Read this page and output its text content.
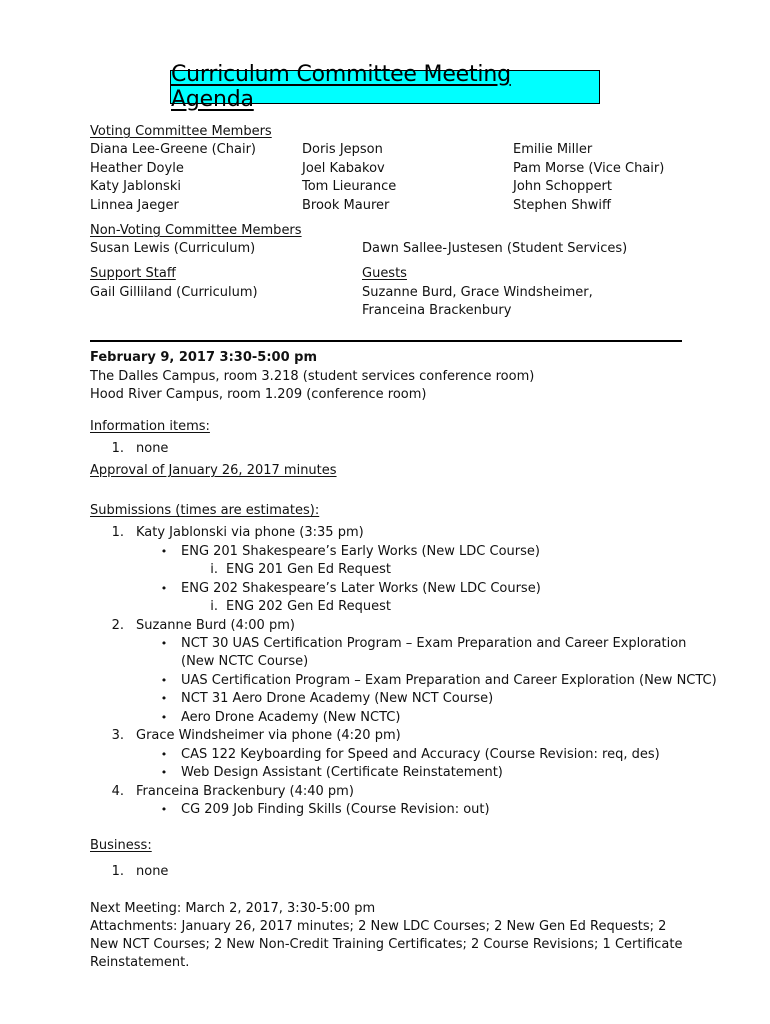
Curriculum Committee Meeting Agenda
Voting Committee Members
Diana Lee-Greene (Chair)
Heather Doyle
Katy Jablonski
Linnea Jaeger
Doris Jepson
Joel Kabakov
Tom Lieurance
Brook Maurer
Emilie Miller
Pam Morse (Vice Chair)
John Schoppert
Stephen Shwiff
Non-Voting Committee Members
Susan Lewis (Curriculum)	Dawn Sallee-Justesen (Student Services)
Support Staff
Gail Gilliland (Curriculum)
Guests
Suzanne Burd, Grace Windsheimer, Franceina Brackenbury
February 9, 2017 3:30-5:00 pm
The Dalles Campus, room 3.218 (student services conference room)
Hood River Campus, room 1.209 (conference room)
Information items:
1. none
Approval of January 26, 2017 minutes
Submissions (times are estimates):
1. Katy Jablonski via phone (3:35 pm)
• ENG 201 Shakespeare’s Early Works (New LDC Course)
i. ENG 201 Gen Ed Request
• ENG 202 Shakespeare’s Later Works (New LDC Course)
i. ENG 202 Gen Ed Request
2. Suzanne Burd (4:00 pm)
• NCT 30 UAS Certification Program – Exam Preparation and Career Exploration (New NCTC Course)
• UAS Certification Program – Exam Preparation and Career Exploration (New NCTC)
• NCT 31 Aero Drone Academy (New NCT Course)
• Aero Drone Academy (New NCTC)
3. Grace Windsheimer via phone (4:20 pm)
• CAS 122 Keyboarding for Speed and Accuracy (Course Revision: req, des)
• Web Design Assistant (Certificate Reinstatement)
4. Franceina Brackenbury (4:40 pm)
• CG 209 Job Finding Skills (Course Revision: out)
Business:
1. none
Next Meeting: March 2, 2017, 3:30-5:00 pm
Attachments: January 26, 2017 minutes; 2 New LDC Courses; 2 New Gen Ed Requests; 2 New NCT Courses; 2 New Non-Credit Training Certificates; 2 Course Revisions; 1 Certificate Reinstatement.
